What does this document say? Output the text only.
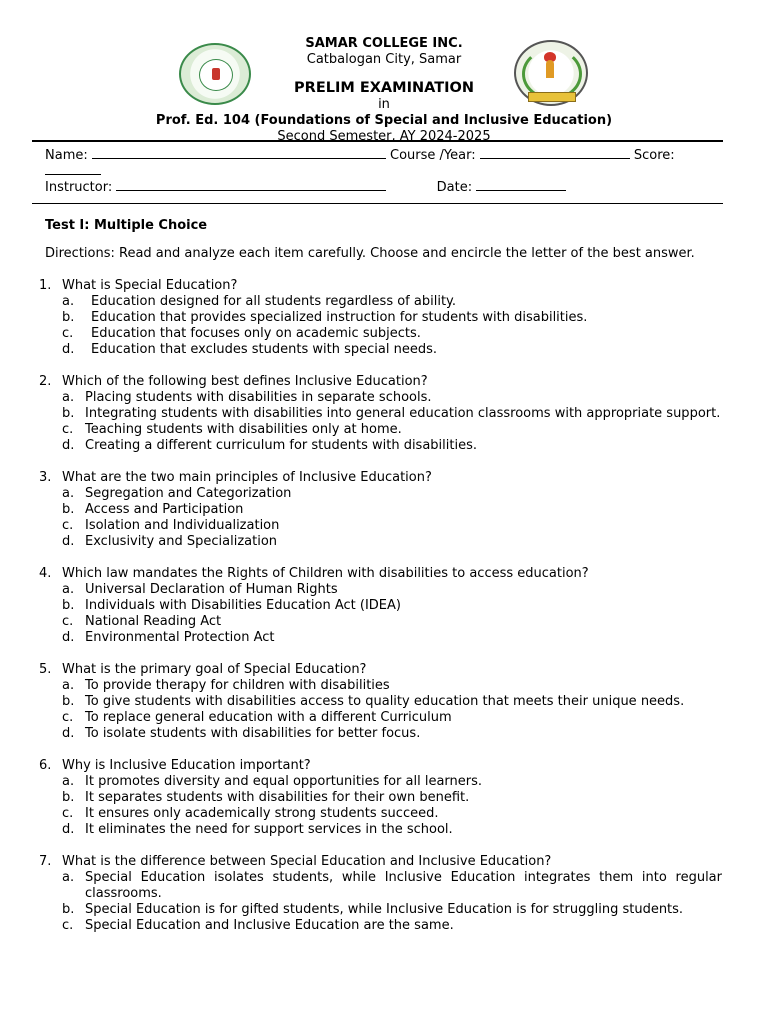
SAMAR COLLEGE INC.
Catbalogan City, Samar
PRELIM EXAMINATION
in
Prof. Ed. 104 (Foundations of Special and Inclusive Education)
Second Semester, AY 2024-2025
Name:	Course /Year:	Score:
Instructor:	Date:

Test I: Multiple Choice

Directions: Read and analyze each item carefully. Choose and encircle the letter of the best answer.

1. What is Special Education?
a. Education designed for all students regardless of ability.
b. Education that provides specialized instruction for students with disabilities.
c. Education that focuses only on academic subjects.
d. Education that excludes students with special needs.
2. Which of the following best defines Inclusive Education?
a. Placing students with disabilities in separate schools.
b. Integrating students with disabilities into general education classrooms with appropriate support.
c. Teaching students with disabilities only at home.
d. Creating a different curriculum for students with disabilities.
3. What are the two main principles of Inclusive Education?
a. Segregation and Categorization
b. Access and Participation
c. Isolation and Individualization
d. Exclusivity and Specialization
4. Which law mandates the Rights of Children with disabilities to access education?
a. Universal Declaration of Human Rights
b. Individuals with Disabilities Education Act (IDEA)
c. National Reading Act
d. Environmental Protection Act
5. What is the primary goal of Special Education?
a. To provide therapy for children with disabilities
b. To give students with disabilities access to quality education that meets their unique needs.
c. To replace general education with a different Curriculum
d. To isolate students with disabilities for better focus.
6. Why is Inclusive Education important?
a. It promotes diversity and equal opportunities for all learners.
b. It separates students with disabilities for their own benefit.
c. It ensures only academically strong students succeed.
d. It eliminates the need for support services in the school.
7. What is the difference between Special Education and Inclusive Education?
a. Special Education isolates students, while Inclusive Education integrates them into regular classrooms.
b. Special Education is for gifted students, while Inclusive Education is for struggling students.
c. Special Education and Inclusive Education are the same.
